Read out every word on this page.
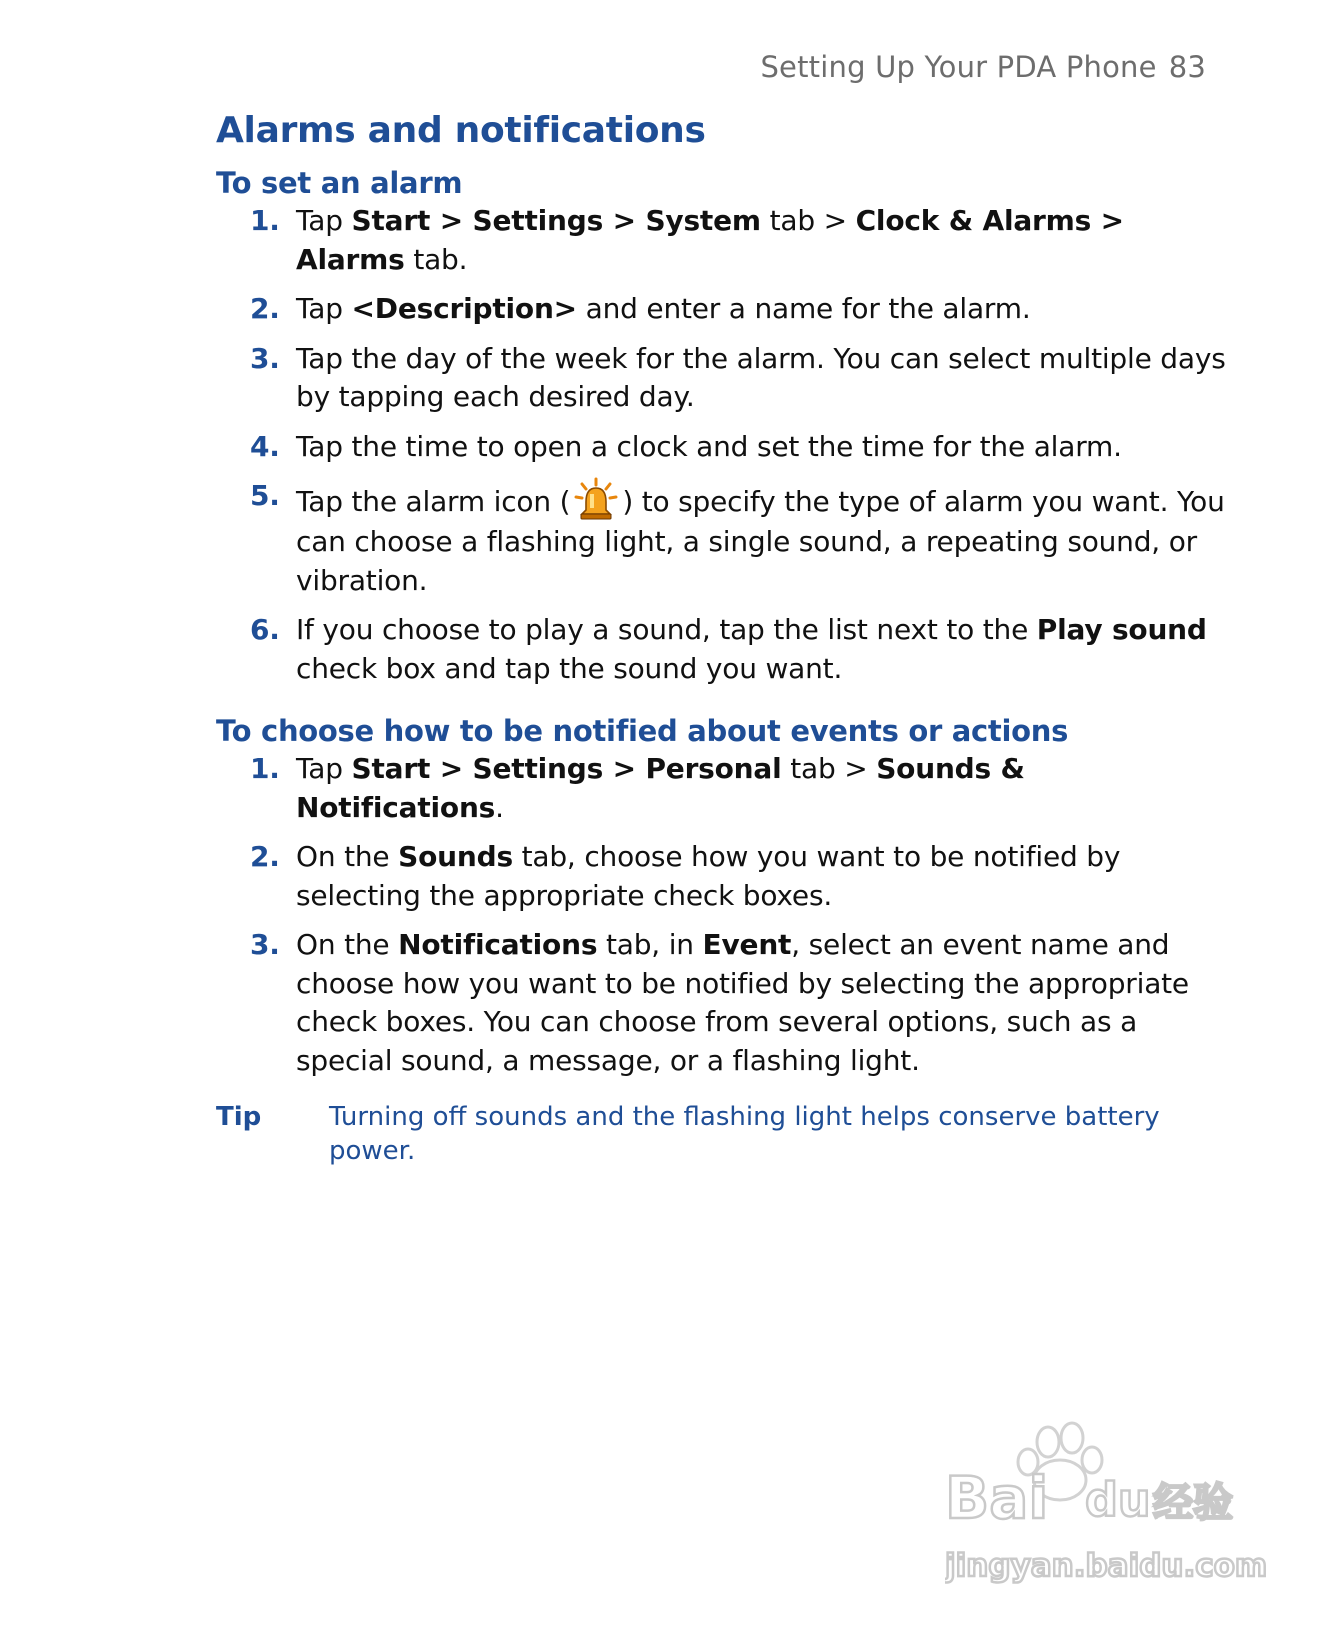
Setting Up Your PDA Phone 83
Alarms and notifications
To set an alarm
1. Tap Start > Settings > System tab > Clock & Alarms > Alarms tab.
2. Tap <Description> and enter a name for the alarm.
3. Tap the day of the week for the alarm. You can select multiple days by tapping each desired day.
4. Tap the time to open a clock and set the time for the alarm.
5. Tap the alarm icon ( ) to specify the type of alarm you want. You can choose a flashing light, a single sound, a repeating sound, or vibration.
6. If you choose to play a sound, tap the list next to the Play sound check box and tap the sound you want.
To choose how to be notified about events or actions
1. Tap Start > Settings > Personal tab > Sounds & Notifications.
2. On the Sounds tab, choose how you want to be notified by selecting the appropriate check boxes.
3. On the Notifications tab, in Event, select an event name and choose how you want to be notified by selecting the appropriate check boxes. You can choose from several options, such as a special sound, a message, or a flashing light.
Tip	Turning off sounds and the flashing light helps conserve battery power.
Bai du 经验
jingyan.baidu.com
